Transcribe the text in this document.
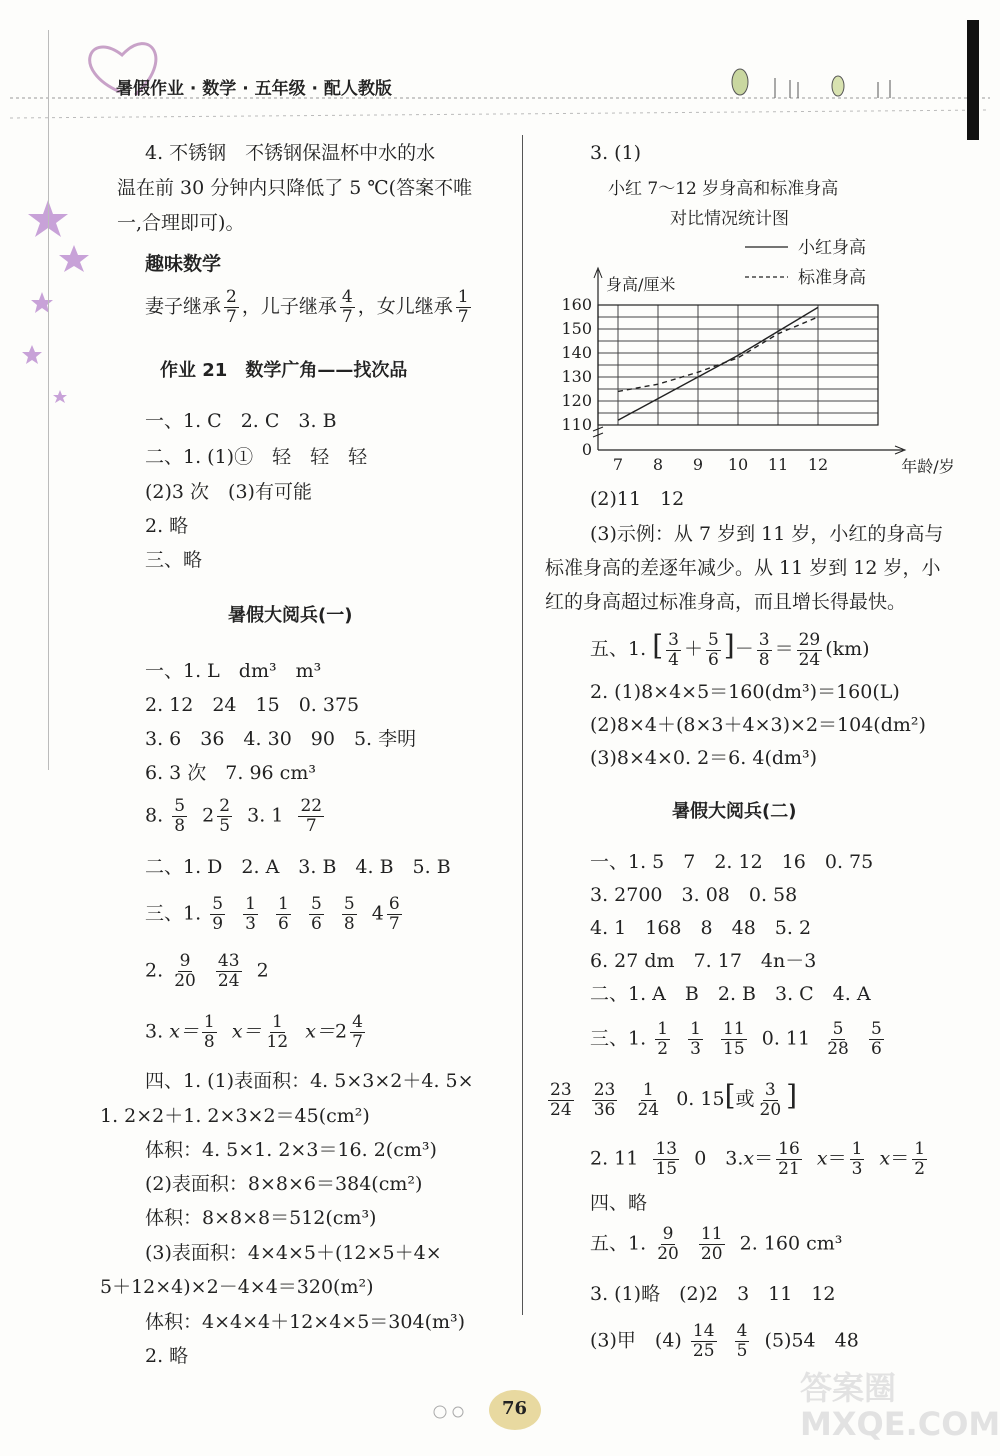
暑假作业 · 数学 · 五年级 · 配人教版
4. 不锈钢　不锈钢保温杯中水的水
温在前 30 分钟内只降低了 5 ℃(答案不唯
一,合理即可)。
趣味数学
妻子继承 $\frac{2}{7}$ ，儿子继承 $\frac{4}{7}$ ，女儿继承 $\frac{1}{7}$
作业 21　数学广角——找次品
一、1. C　2. C　3. B
二、1. (1)①　轻　轻　轻
(2)3 次　(3)有可能
2. 略
三、略
暑假大阅兵(一)
一、1. L　dm³　m³
2. 12　24　15　0. 375
3. 6　36　4. 30　90　5. 李明
6. 3 次　7. 96 cm³
8. $\frac{5}{8} 2 \frac{2}{5} 3$. $1 \frac{22}{7}$
二、1. D　2. A　3. B　4. B　5. B
三、1. $\frac{5}{9}$
$\frac{1}{3}$
$\frac{1}{6}$
$\frac{5}{6}$
$\frac{5}{8} 4 \frac{6}{7}$
2. $\frac{9}{20}$
$\frac{43}{24} 2$
3. $x= \frac{1}{8} x= \frac{1}{12} x=2 \frac{4}{7}$
四、1. (1)表面积：4. 5×3×2＋4. 5×
1. 2×2＋1. 2×3×2＝45(cm²)
体积：4. 5×1. 2×3＝16. 2(cm³)
(2)表面积：8×8×6＝384(cm²)
体积：8×8×8＝512(cm³)
(3)表面积：4×4×5＋(12×5＋4×
5＋12×4)×2－4×4＝320(m²)
体积：4×4×4＋12×4×5＝304(m³)
2. 略
3. (1)
小红 7～12 岁身高和标准身高
对比情况统计图
0
110
120
130
140
150
160
7 8 9 10 11 12	年龄/岁
身高/厘米
小红身高
标准身高
(2)11　12
(3)示例：从 7 岁到 11 岁，小红的身高与
标准身高的差逐年减少。从 11 岁到 12 岁，小
红的身高超过标准身高，而且增长得最快。
五、1. [ $\frac{3}{4} + \frac{5}{6}$ ]－ $\frac{3}{8} = \frac{29}{24} (km)$
2. (1)8×4×5＝160(dm³)＝160(L)
(2)8×4＋(8×3＋4×3)×2＝104(dm²)
(3)8×4×0. 2＝6. 4(dm³)
暑假大阅兵(二)
一、1. 5　7　2. 12　16　0. 75
3. 2700　3. 08　0. 58
4. 1　168　8　48　5. 2
6. 27 dm　7. 17　4n－3
二、1. A　B　2. B　3. C　4. A
三、1. $\frac{1}{2}$
$\frac{1}{3}$
$\frac{11}{15} 0$. $11 \frac{5}{28}$
$\frac{5}{6}$
$\frac{23}{24}$
$\frac{23}{36}$
$\frac{1}{24} 0$. 15[或 $\frac{3}{20}$ ]
2. $11 \frac{13}{15} 0$　$3.x= \frac{16}{21} x= \frac{1}{3} x= \frac{1}{2}$
四、略
五、1. $\frac{9}{20}$
$\frac{11}{20} 2$. 160 cm³
3. (1)略　(2)2　3　11　12
(3)甲　$(4) \frac{14}{25}$
$\frac{4}{5} (5)54$　48
76
答案圈 MXQE.COM
